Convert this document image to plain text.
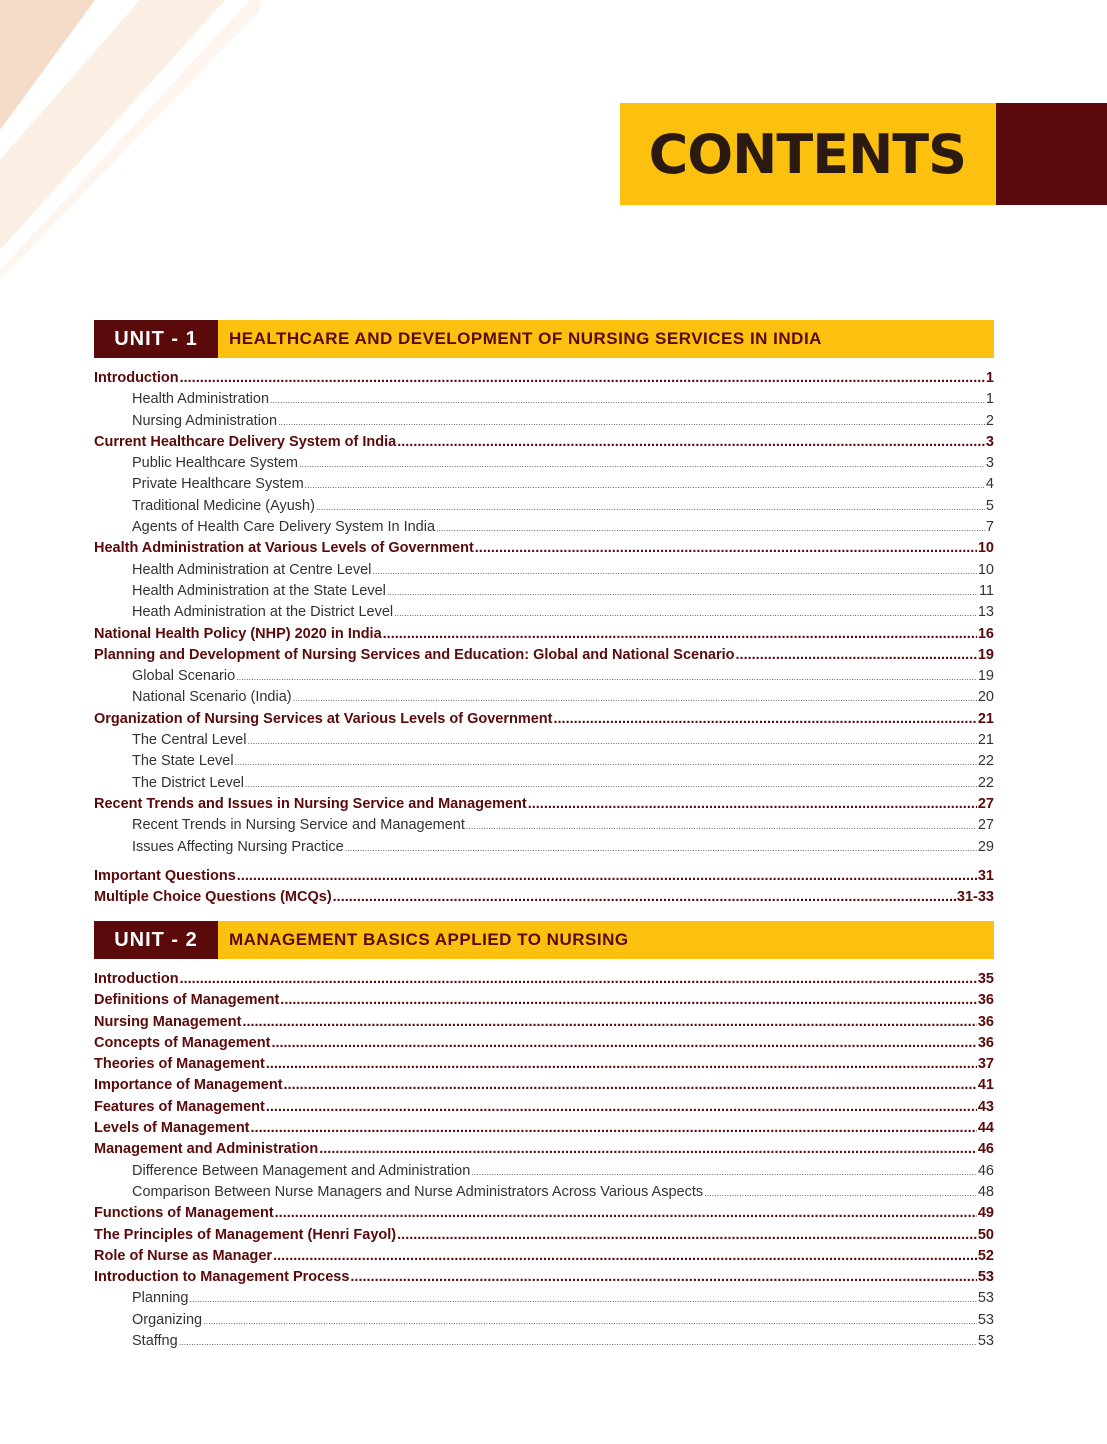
CONTENTS
UNIT - 1	HEALTHCARE AND DEVELOPMENT OF NURSING SERVICES IN INDIA
Introduction .....	1
Health Administration .....	1
Nursing Administration .....	2
Current Healthcare Delivery System of India .....	3
Public Healthcare System .....	3
Private Healthcare System .....	4
Traditional Medicine (Ayush) .....	5
Agents of Health Care Delivery System In India .....	7
Health Administration at Various Levels of Government .....	10
Health Administration at Centre Level .....	10
Health Administration at the State Level .....	11
Heath Administration at the District Level .....	13
National Health Policy (NHP) 2020 in India .....	16
Planning and Development of Nursing Services and Education: Global and National Scenario .....	19
Global Scenario .....	19
National Scenario (India) .....	20
Organization of Nursing Services at Various Levels of Government .....	21
The Central Level .....	21
The State Level .....	22
The District Level .....	22
Recent Trends and Issues in Nursing Service and Management .....	27
Recent Trends in Nursing Service and Management .....	27
Issues Affecting Nursing Practice .....	29
Important Questions .....	31
Multiple Choice Questions (MCQs) .....	31-33
UNIT - 2	MANAGEMENT BASICS APPLIED TO NURSING
Introduction .....	35
Definitions of Management .....	36
Nursing Management .....	36
Concepts of Management .....	36
Theories of Management .....	37
Importance of Management .....	41
Features of Management .....	43
Levels of Management .....	44
Management and Administration .....	46
Difference Between Management and Administration .....	46
Comparison Between Nurse Managers and Nurse Administrators Across Various Aspects .....	48
Functions of Management .....	49
The Principles of Management (Henri Fayol) .....	50
Role of Nurse as Manager .....	52
Introduction to Management Process .....	53
Planning .....	53
Organizing .....	53
Staffng .....	53
